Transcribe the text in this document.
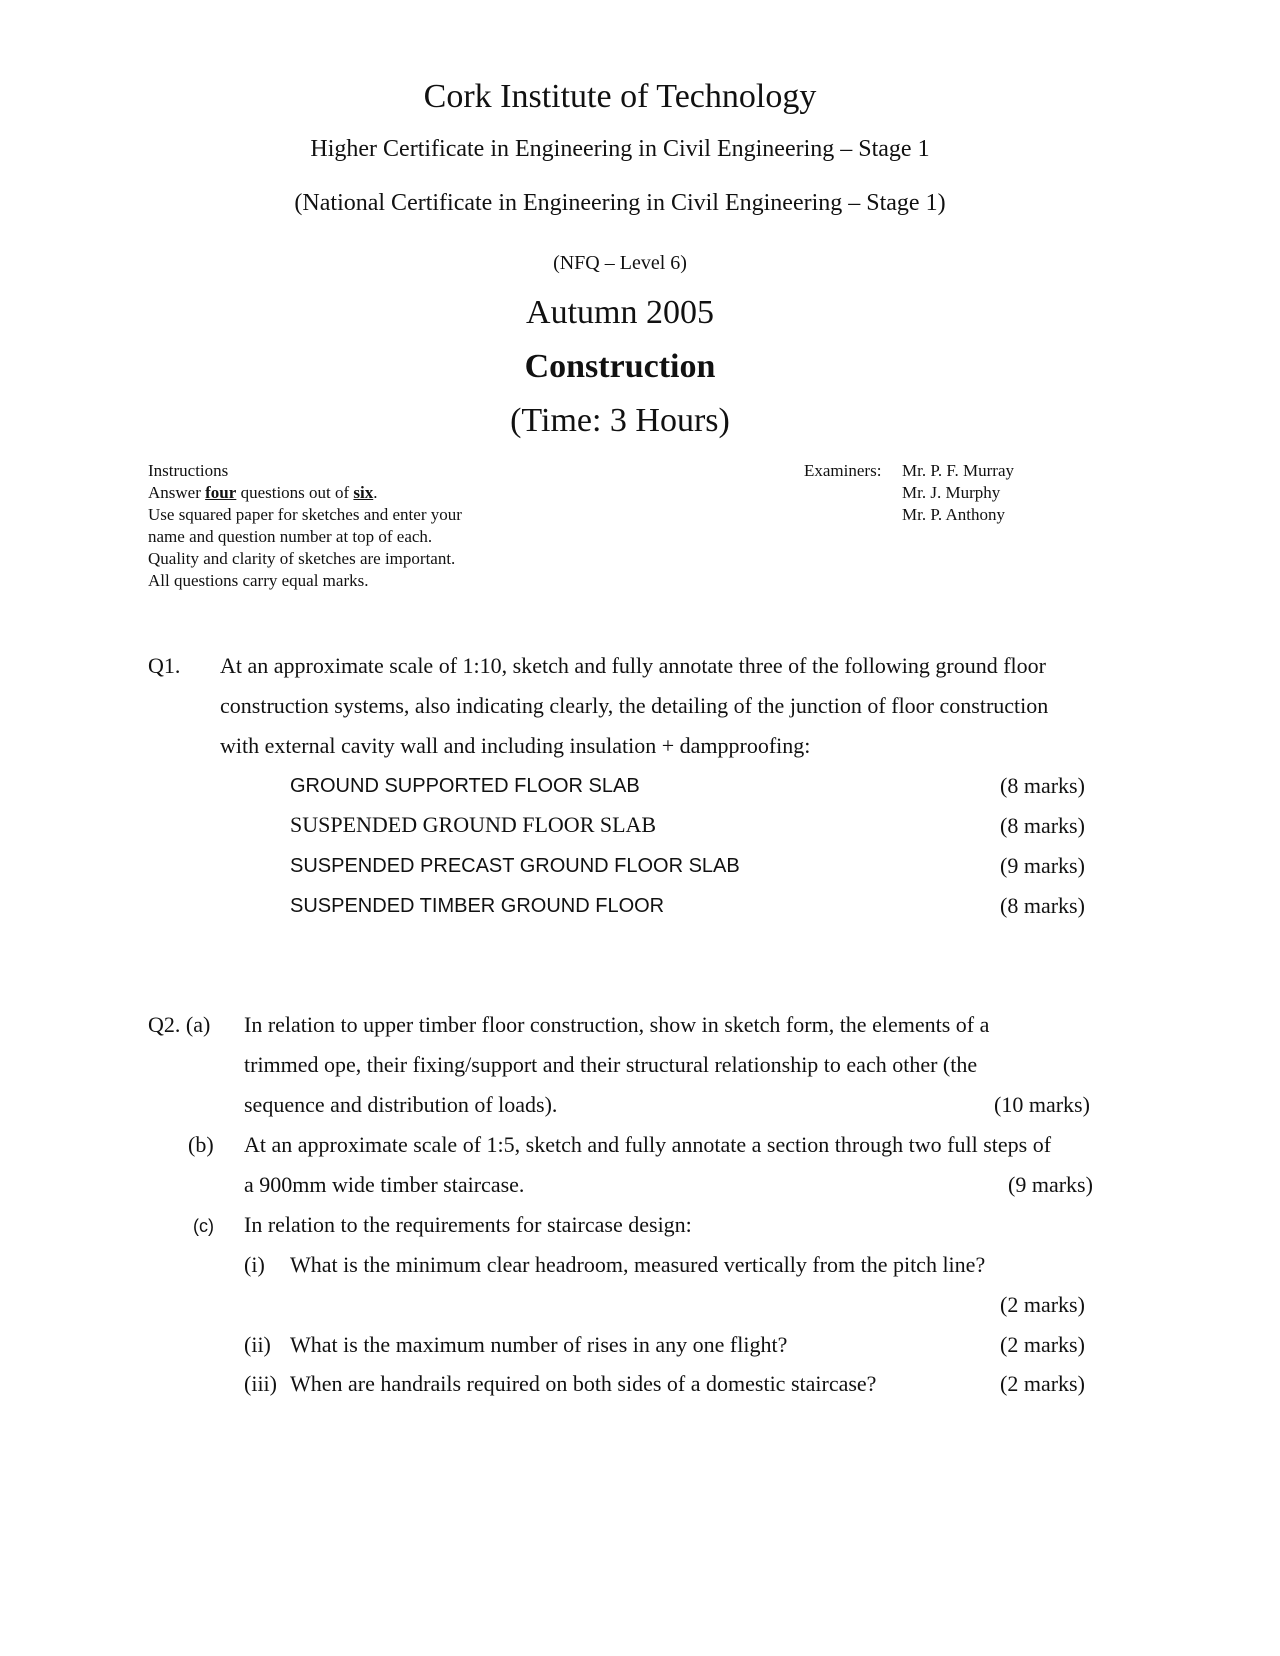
Cork Institute of Technology
Higher Certificate in Engineering in Civil Engineering – Stage 1
(National Certificate in Engineering in Civil Engineering – Stage 1)
(NFQ – Level 6)
Autumn 2005
Construction
(Time: 3 Hours)
Instructions
Answer four questions out of six.
Use squared paper for sketches and enter your
name and question number at top of each.
Quality and clarity of sketches are important.
All questions carry equal marks.
Examiners: Mr. P. F. Murray
Mr. J. Murphy
Mr. P. Anthony
Q1. At an approximate scale of 1:10, sketch and fully annotate three of the following ground floor
construction systems, also indicating clearly, the detailing of the junction of floor construction
with external cavity wall and including insulation + dampproofing:
GROUND SUPPORTED FLOOR SLAB	(8 marks)
SUSPENDED GROUND FLOOR SLAB	(8 marks)
SUSPENDED PRECAST GROUND FLOOR SLAB	(9 marks)
SUSPENDED TIMBER GROUND FLOOR	(8 marks)
Q2. (a) In relation to upper timber floor construction, show in sketch form, the elements of a
trimmed ope, their fixing/support and their structural relationship to each other (the
sequence and distribution of loads).	(10 marks)
(b) At an approximate scale of 1:5, sketch and fully annotate a section through two full steps of
a 900mm wide timber staircase.	(9 marks)
(c) In relation to the requirements for staircase design:
(i) What is the minimum clear headroom, measured vertically from the pitch line?
(2 marks)
(ii) What is the maximum number of rises in any one flight?	(2 marks)
(iii) When are handrails required on both sides of a domestic staircase?	(2 marks)
